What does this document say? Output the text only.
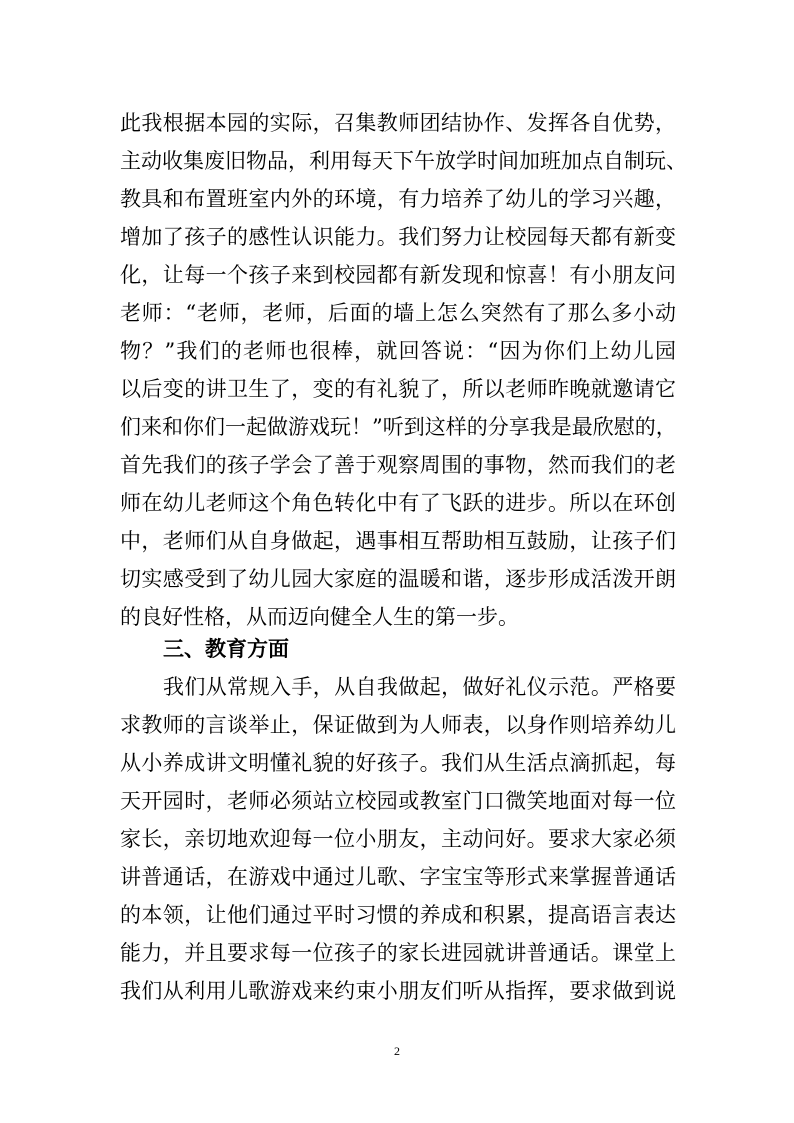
此我根据本园的实际，召集教师团结协作、发挥各自优势，
主动收集废旧物品，利用每天下午放学时间加班加点自制玩、
教具和布置班室内外的环境，有力培养了幼儿的学习兴趣，
增加了孩子的感性认识能力。我们努力让校园每天都有新变
化，让每一个孩子来到校园都有新发现和惊喜！有小朋友问
老师：“老师，老师，后面的墙上怎么突然有了那么多小动
物？”我们的老师也很棒，就回答说：“因为你们上幼儿园
以后变的讲卫生了，变的有礼貌了，所以老师昨晚就邀请它
们来和你们一起做游戏玩！”听到这样的分享我是最欣慰的，
首先我们的孩子学会了善于观察周围的事物，然而我们的老
师在幼儿老师这个角色转化中有了飞跃的进步。所以在环创
中，老师们从自身做起，遇事相互帮助相互鼓励，让孩子们
切实感受到了幼儿园大家庭的温暖和谐，逐步形成活泼开朗
的良好性格，从而迈向健全人生的第一步。
三、教育方面
我们从常规入手，从自我做起，做好礼仪示范。严格要
求教师的言谈举止，保证做到为人师表，以身作则培养幼儿
从小养成讲文明懂礼貌的好孩子。我们从生活点滴抓起，每
天开园时，老师必须站立校园或教室门口微笑地面对每一位
家长，亲切地欢迎每一位小朋友，主动问好。要求大家必须
讲普通话，在游戏中通过儿歌、字宝宝等形式来掌握普通话
的本领，让他们通过平时习惯的养成和积累，提高语言表达
能力，并且要求每一位孩子的家长进园就讲普通话。课堂上
我们从利用儿歌游戏来约束小朋友们听从指挥，要求做到说
2
